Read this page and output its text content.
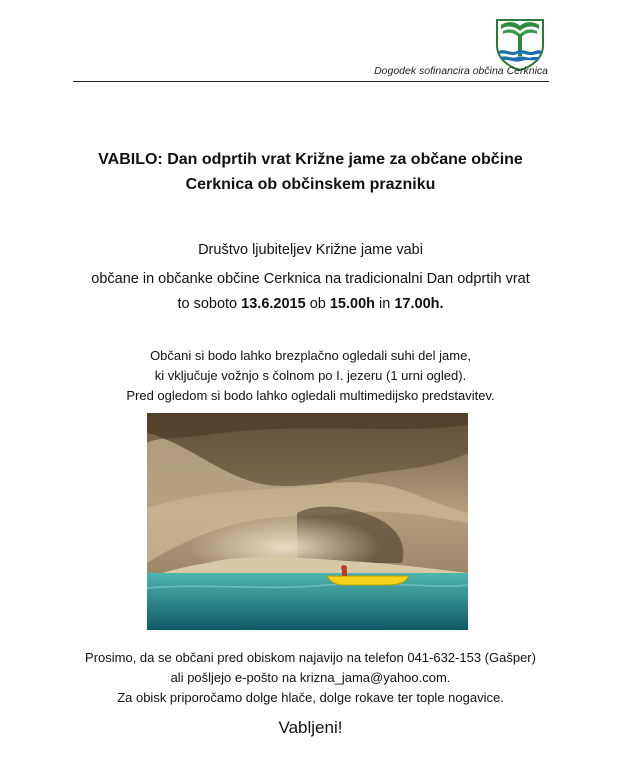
Dogodek sofinancira občina Cerknica
VABILO: Dan odprtih vrat Križne jame za občane občine
Cerknica ob občinskem prazniku
Društvo ljubiteljev Križne jame vabi
občane in občanke občine Cerknica na tradicionalni Dan odprtih vrat
to soboto 13.6.2015 ob 15.00h in 17.00h.
Občani si bodo lahko brezplačno ogledali suhi del jame,
ki vključuje vožnjo s čolnom po I. jezeru (1 urni ogled).
Pred ogledom si bodo lahko ogledali multimedijsko predstavitev.
Prosimo, da se občani pred obiskom najavijo na telefon 041-632-153 (Gašper)
ali pošljejo e-pošto na krizna_jama@yahoo.com.
Za obisk priporočamo dolge hlače, dolge rokave ter tople nogavice.
Vabljeni!
